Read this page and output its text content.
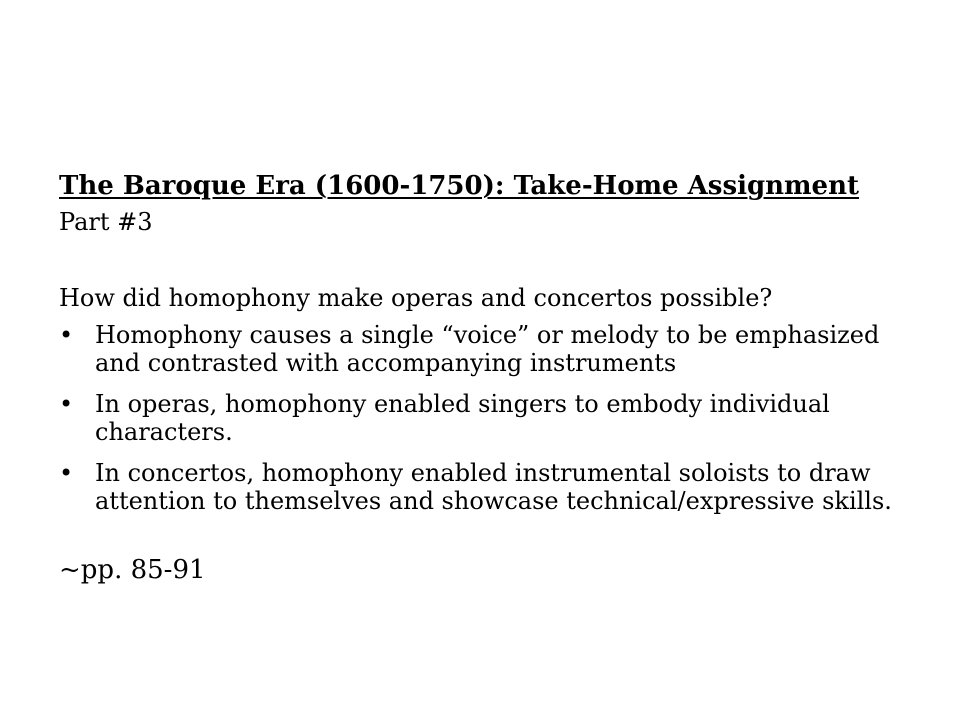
The Baroque Era (1600-1750): Take-Home Assignment

Part #3

How did homophony make operas and concertos possible?

• Homophony causes a single “voice” or melody to be emphasized and contrasted with accompanying instruments
• In operas, homophony enabled singers to embody individual characters.
• In concertos, homophony enabled instrumental soloists to draw attention to themselves and showcase technical/expressive skills.

~pp. 85-91
